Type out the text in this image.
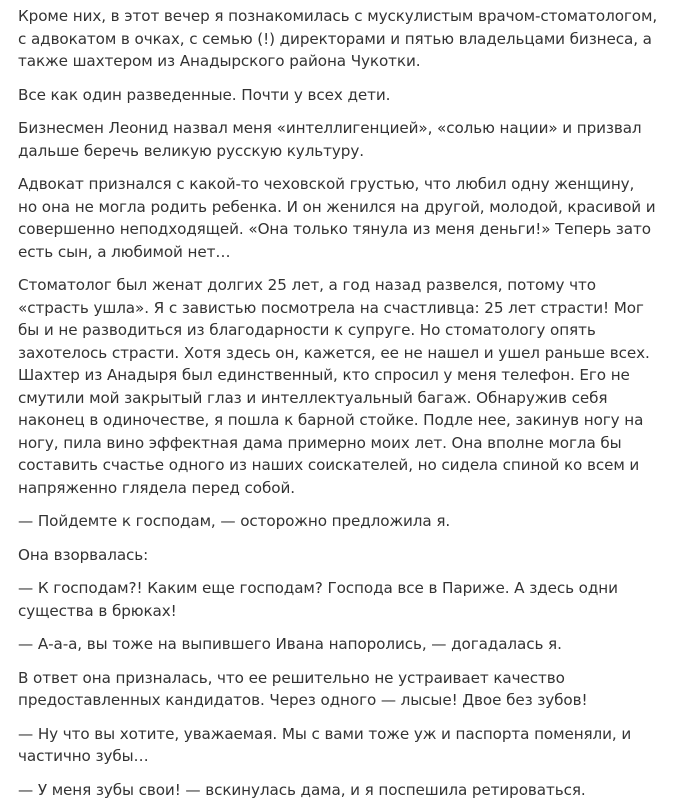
Кроме них, в этот вечер я познакомилась с мускулистым врачом-стоматологом, с адвокатом в очках, с семью (!) директорами и пятью владельцами бизнеса, а также шахтером из Анадырского района Чукотки.

Все как один разведенные. Почти у всех дети.

Бизнесмен Леонид назвал меня «интеллигенцией», «солью нации» и призвал дальше беречь великую русскую культуру.

Адвокат признался с какой-то чеховской грустью, что любил одну женщину, но она не могла родить ребенка. И он женился на другой, молодой, красивой и совершенно неподходящей. «Она только тянула из меня деньги!» Теперь зато есть сын, а любимой нет…

Стоматолог был женат долгих 25 лет, а год назад развелся, потому что «страсть ушла». Я с завистью посмотрела на счастливца: 25 лет страсти! Мог бы и не разводиться из благодарности к супруге. Но стоматологу опять захотелось страсти. Хотя здесь он, кажется, ее не нашел и ушел раньше всех. Шахтер из Анадыря был единственный, кто спросил у меня телефон. Его не смутили мой закрытый глаз и интеллектуальный багаж. Обнаружив себя наконец в одиночестве, я пошла к барной стойке. Подле нее, закинув ногу на ногу, пила вино эффектная дама примерно моих лет. Она вполне могла бы составить счастье одного из наших соискателей, но сидела спиной ко всем и напряженно глядела перед собой.

— Пойдемте к господам, — осторожно предложила я.

Она взорвалась:

— К господам?! Каким еще господам? Господа все в Париже. А здесь одни существа в брюках!

— А-а-а, вы тоже на выпившего Ивана напоролись, — догадалась я.

В ответ она призналась, что ее решительно не устраивает качество предоставленных кандидатов. Через одного — лысые! Двое без зубов!

— Ну что вы хотите, уважаемая. Мы с вами тоже уж и паспорта поменяли, и частично зубы…

— У меня зубы свои! — вскинулась дама, и я поспешила ретироваться.
